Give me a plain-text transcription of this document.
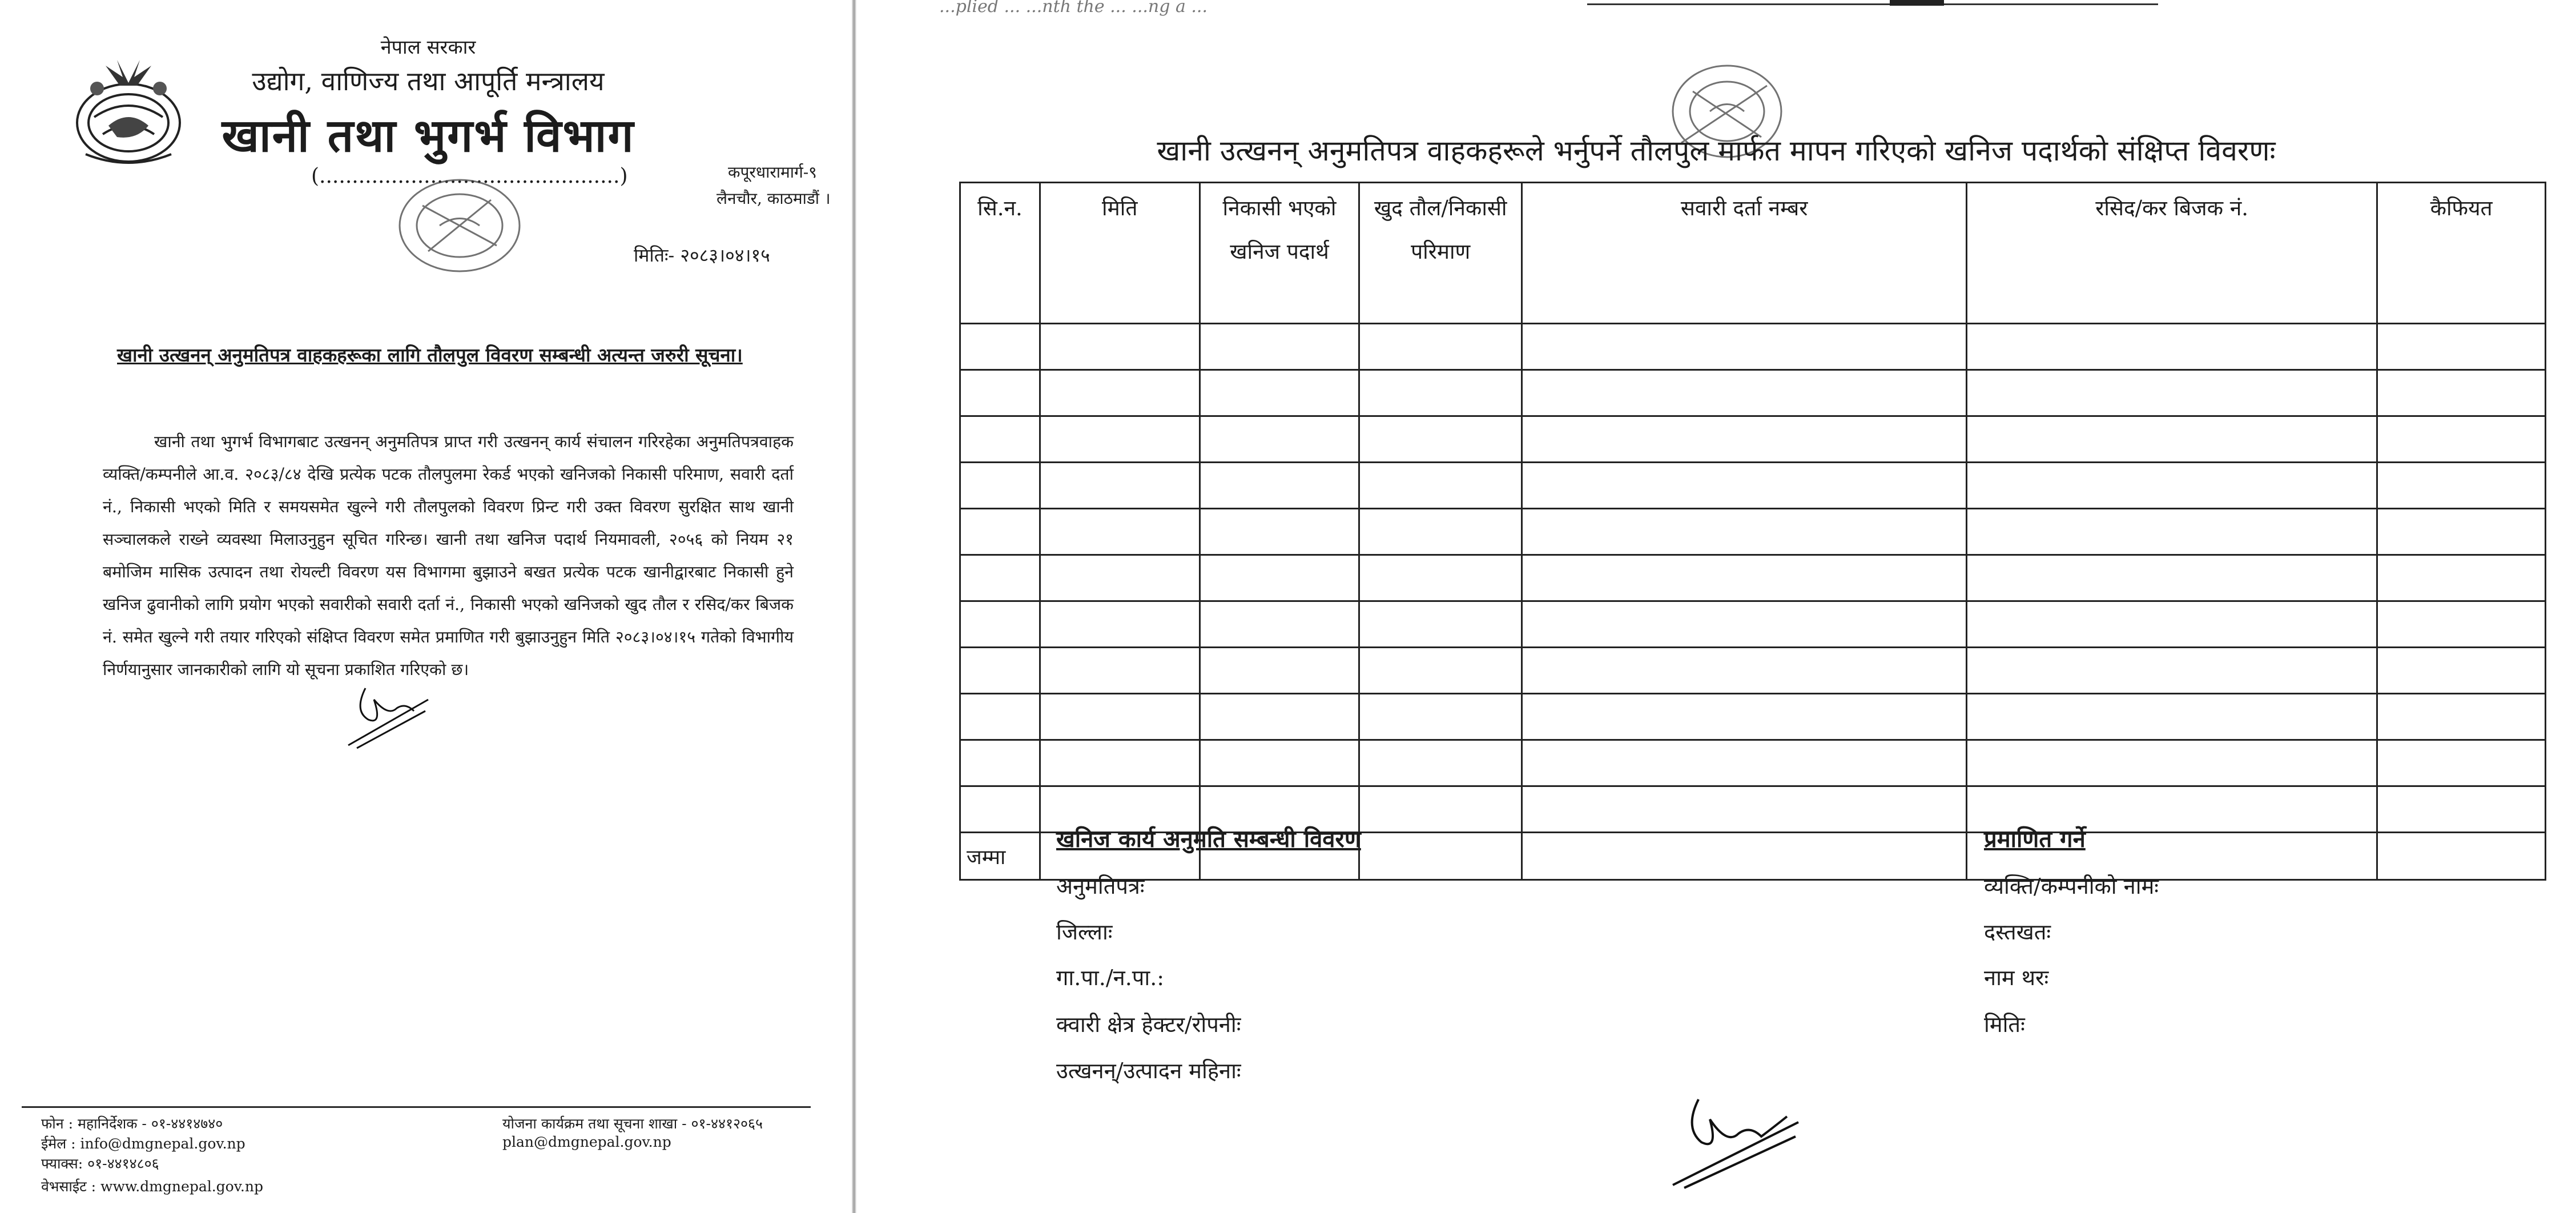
नेपाल सरकार
उद्योग, वाणिज्य तथा आपूर्ति मन्त्रालय
खानी तथा भुगर्भ विभाग
(..............................................)	कपूरधारामार्ग-९
लैनचौर, काठमाडौं ।
मितिः- २०८३।०४।१५
खानी उत्खनन् अनुमतिपत्र वाहकहरूका लागि तौलपुल विवरण सम्बन्धी अत्यन्त जरुरी सूचना।
खानी तथा भुगर्भ विभागबाट उत्खनन् अनुमतिपत्र प्राप्त गरी उत्खनन् कार्य संचालन गरिरहेका अनुमतिपत्रवाहक व्यक्ति/कम्पनीले आ.व. २०८३/८४ देखि प्रत्येक पटक तौलपुलमा रेकर्ड भएको खनिजको निकासी परिमाण, सवारी दर्ता नं., निकासी भएको मिति र समयसमेत खुल्ने गरी तौलपुलको विवरण प्रिन्ट गरी उक्त विवरण सुरक्षित साथ खानी सञ्चालकले राख्ने व्यवस्था मिलाउनुहुन सूचित गरिन्छ। खानी तथा खनिज पदार्थ नियमावली, २०५६ को नियम २१ बमोजिम मासिक उत्पादन तथा रोयल्टी विवरण यस विभागमा बुझाउने बखत प्रत्येक पटक खानीद्वारबाट निकासी हुने खनिज ढुवानीको लागि प्रयोग भएको सवारीको सवारी दर्ता नं., निकासी भएको खनिजको खुद तौल र रसिद/कर बिजक नं. समेत खुल्ने गरी तयार गरिएको संक्षिप्त विवरण समेत प्रमाणित गरी बुझाउनुहुन मिति २०८३।०४।१५ गतेको विभागीय निर्णयानुसार जानकारीको लागि यो सूचना प्रकाशित गरिएको छ।
फोन : महानिर्देशक - ०१-४४१४७४०
ईमेल : info@dmgnepal.gov.np
फ्याक्स: ०१-४४१४८०६
वेभसाईट : www.dmgnepal.gov.np
योजना कार्यक्रम तथा सूचना शाखा - ०१-४४१२०६५
plan@dmgnepal.gov.np
...plied ... ...nth the ... ...ng a ...
खानी उत्खनन् अनुमतिपत्र वाहकहरूले भर्नुपर्ने तौलपुल मार्फत मापन गरिएको खनिज पदार्थको संक्षिप्त विवरणः
सि.न.	मिति	निकासी भएको खनिज पदार्थ	खुद तौल/निकासी परिमाण	सवारी दर्ता नम्बर	रसिद/कर बिजक नं.	कैफियत

जम्मा						
खनिज कार्य अनुमति सम्बन्धी विवरण
अनुमतिपत्रः
जिल्लाः
गा.पा./न.पा.:
क्वारी क्षेत्र हेक्टर/रोपनीः
उत्खनन्/उत्पादन महिनाः
प्रमाणित गर्ने
व्यक्ति/कम्पनीको नामः
दस्तखतः
नाम थरः
मितिः
